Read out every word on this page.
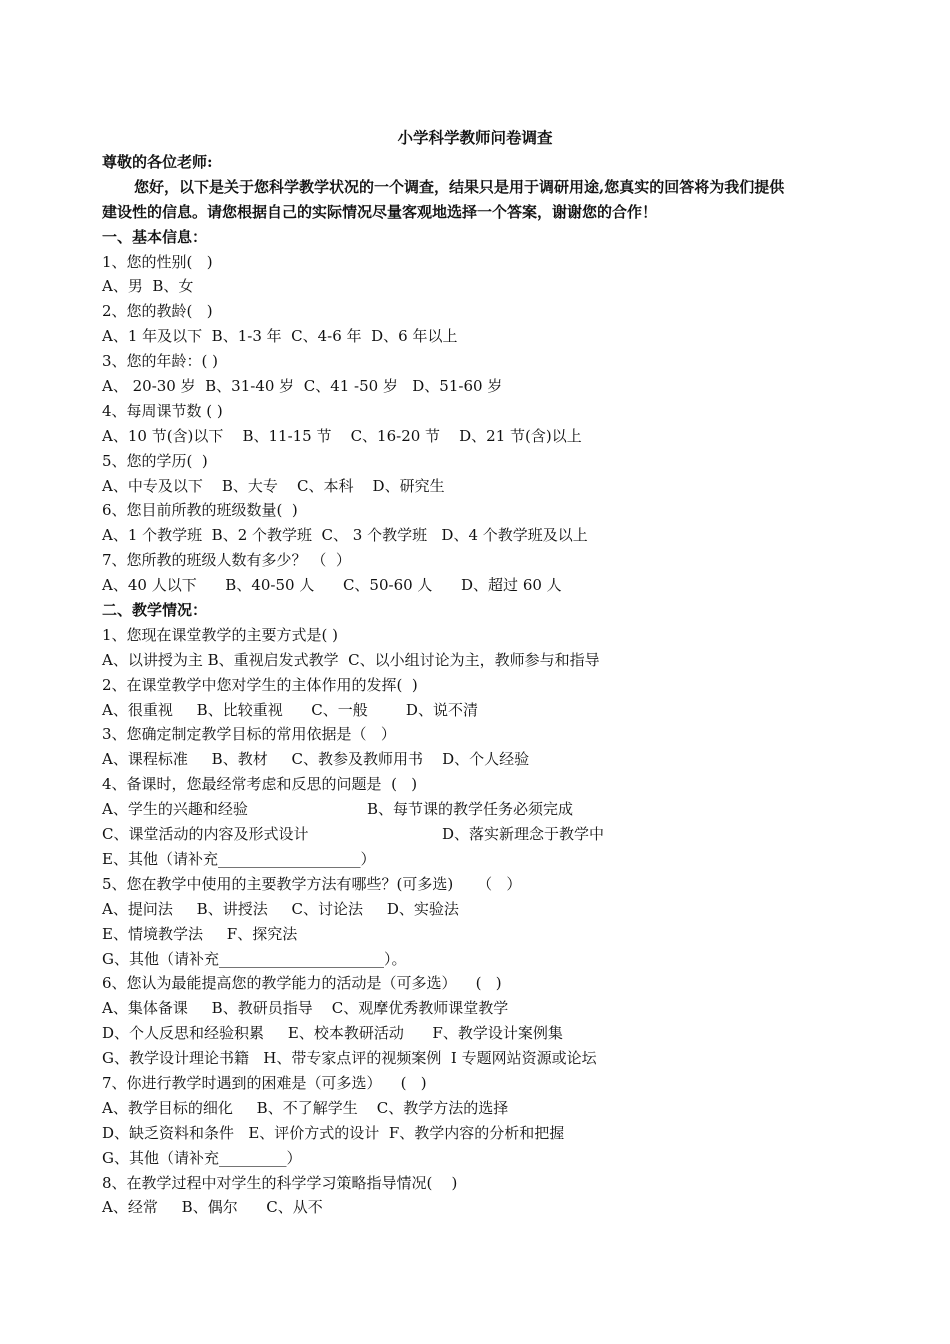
小学科学教师问卷调查
尊敬的各位老师:
您好，以下是关于您科学教学状况的一个调查，结果只是用于调研用途,您真实的回答将为我们提供
建设性的信息。请您根据自己的实际情况尽量客观地选择一个答案，谢谢您的合作！
一、基本信息：
1、您的性别(   )
A、男  B、女
2、您的教龄(   )
A、1 年及以下  B、1-3 年  C、4-6 年  D、6 年以上
3、您的年龄：( )
A、 20-30 岁  B、31-40 岁  C、41 -50 岁   D、51-60 岁
4、每周课节数 ( )
A、10 节(含)以下    B、11-15 节    C、16-20 节    D、21 节(含)以上
5、您的学历(  )
A、中专及以下    B、大专    C、本科    D、研究生
6、您目前所教的班级数量(  )
A、1 个教学班  B、2 个教学班  C、 3 个教学班   D、4 个教学班及以上
7、您所教的班级人数有多少？ （  ）
A、40 人以下      B、40-50 人      C、50-60 人      D、超过 60 人
二、教学情况：
1、您现在课堂教学的主要方式是( )
A、以讲授为主 B、重视启发式教学  C、以小组讨论为主，教师参与和指导
2、在课堂教学中您对学生的主体作用的发挥(  )
A、很重视     B、比较重视      C、一般        D、说不清
3、您确定制定教学目标的常用依据是（   ）
A、课程标准     B、教材     C、教参及教师用书    D、个人经验
4、备课时，您最经常考虑和反思的问题是  (   )
A、学生的兴趣和经验                         B、每节课的教学任务必须完成
C、课堂活动的内容及形式设计                            D、落实新理念于教学中
E、其他（请补充___________________）
5、您在教学中使用的主要教学方法有哪些？(可多选)     （   ）
A、提问法     B、讲授法     C、讨论法     D、实验法
E、情境教学法     F、探究法
G、其他（请补充______________________）。
6、您认为最能提高您的教学能力的活动是（可多选）    (   )
A、集体备课     B、教研员指导    C、观摩优秀教师课堂教学
D、个人反思和经验积累     E、校本教研活动      F、教学设计案例集
G、教学设计理论书籍   H、带专家点评的视频案例  I 专题网站资源或论坛
7、你进行教学时遇到的困难是（可多选）    (   )
A、教学目标的细化     B、不了解学生    C、教学方法的选择
D、缺乏资料和条件   E、评价方式的设计  F、教学内容的分析和把握
G、其他（请补充_________）
8、在教学过程中对学生的科学学习策略指导情况(    )
A、经常     B、偶尔      C、从不
